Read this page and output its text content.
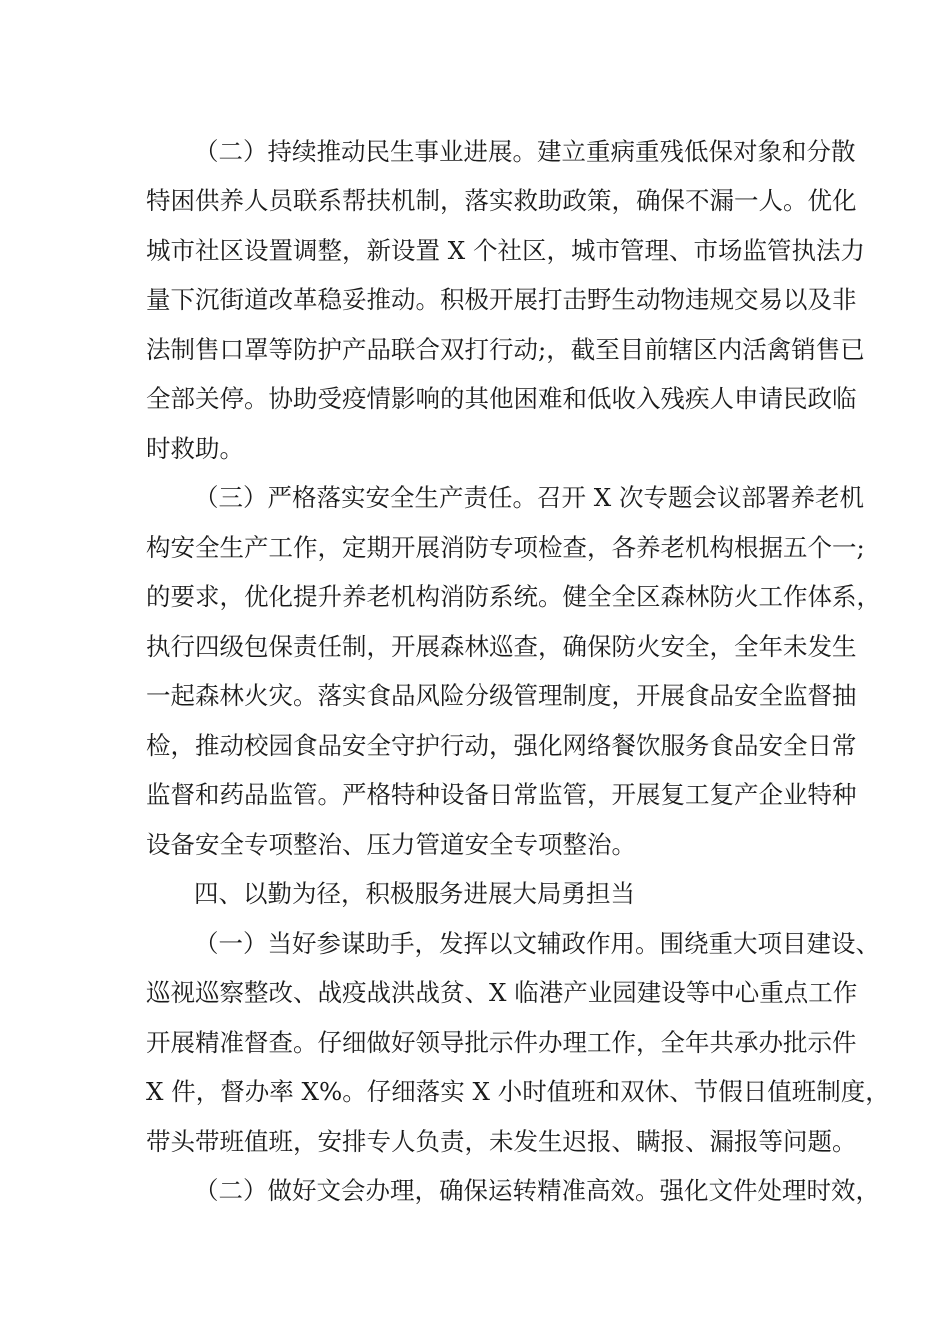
（二）持续推动民生事业进展。建立重病重残低保对象和分散
特困供养人员联系帮扶机制，落实救助政策，确保不漏一人。优化
城市社区设置调整，新设置 X 个社区，城市管理、市场监管执法力
量下沉街道改革稳妥推动。积极开展打击野生动物违规交易以及非
法制售口罩等防护产品联合双打行动;，截至目前辖区内活禽销售已
全部关停。协助受疫情影响的其他困难和低收入残疾人申请民政临
时救助。
（三）严格落实安全生产责任。召开 X 次专题会议部署养老机
构安全生产工作，定期开展消防专项检查，各养老机构根据五个一;
的要求，优化提升养老机构消防系统。健全全区森林防火工作体系，
执行四级包保责任制，开展森林巡查，确保防火安全，全年未发生
一起森林火灾。落实食品风险分级管理制度，开展食品安全监督抽
检，推动校园食品安全守护行动，强化网络餐饮服务食品安全日常
监督和药品监管。严格特种设备日常监管，开展复工复产企业特种
设备安全专项整治、压力管道安全专项整治。
四、以勤为径，积极服务进展大局勇担当
（一）当好参谋助手，发挥以文辅政作用。围绕重大项目建设、
巡视巡察整改、战疫战洪战贫、X 临港产业园建设等中心重点工作
开展精准督查。仔细做好领导批示件办理工作，全年共承办批示件
X 件，督办率 X%。仔细落实 X 小时值班和双休、节假日值班制度，
带头带班值班，安排专人负责，未发生迟报、瞒报、漏报等问题。
（二）做好文会办理，确保运转精准高效。强化文件处理时效，
